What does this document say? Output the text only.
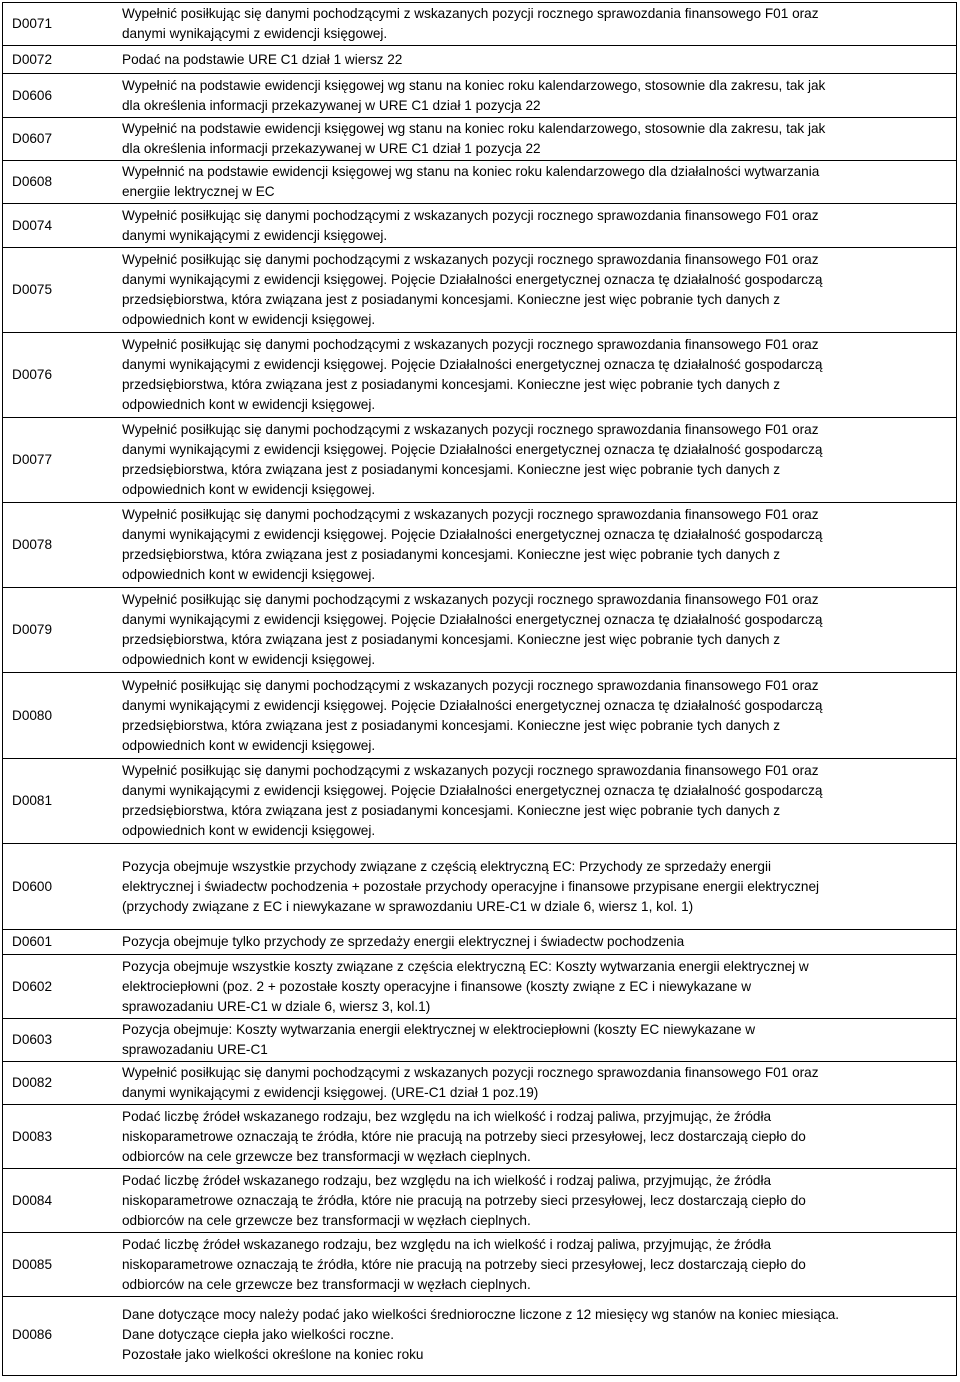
D0071
Wypełnić posiłkując się danymi pochodzącymi z wskazanych pozycji rocznego sprawozdania finansowego F01 oraz
danymi wynikającymi z ewidencji księgowej.
D0072	Podać na podstawie URE C1 dział 1 wiersz 22
D0606
Wypełnić na podstawie ewidencji księgowej wg stanu na koniec roku kalendarzowego, stosownie dla zakresu, tak jak
dla określenia informacji przekazywanej w URE C1 dział 1 pozycja 22
D0607
Wypełnić na podstawie ewidencji księgowej wg stanu na koniec roku kalendarzowego, stosownie dla zakresu, tak jak
dla określenia informacji przekazywanej w URE C1 dział 1 pozycja 22
D0608
Wypełnnić na podstawie ewidencji księgowej wg stanu na koniec roku kalendarzowego dla działalności wytwarzania
energiie lektrycznej w EC
D0074
Wypełnić posiłkując się danymi pochodzącymi z wskazanych pozycji rocznego sprawozdania finansowego F01 oraz
danymi wynikającymi z ewidencji księgowej.
D0075
Wypełnić posiłkując się danymi pochodzącymi z wskazanych pozycji rocznego sprawozdania finansowego F01 oraz
danymi wynikającymi z ewidencji księgowej. Pojęcie Działalności energetycznej oznacza tę działalność gospodarczą
przedsiębiorstwa, która związana jest z posiadanymi koncesjami. Konieczne jest więc pobranie tych danych z
odpowiednich kont w ewidencji księgowej.
D0076
Wypełnić posiłkując się danymi pochodzącymi z wskazanych pozycji rocznego sprawozdania finansowego F01 oraz
danymi wynikającymi z ewidencji księgowej. Pojęcie Działalności energetycznej oznacza tę działalność gospodarczą
przedsiębiorstwa, która związana jest z posiadanymi koncesjami. Konieczne jest więc pobranie tych danych z
odpowiednich kont w ewidencji księgowej.
D0077
Wypełnić posiłkując się danymi pochodzącymi z wskazanych pozycji rocznego sprawozdania finansowego F01 oraz
danymi wynikającymi z ewidencji księgowej. Pojęcie Działalności energetycznej oznacza tę działalność gospodarczą
przedsiębiorstwa, która związana jest z posiadanymi koncesjami. Konieczne jest więc pobranie tych danych z
odpowiednich kont w ewidencji księgowej.
D0078
Wypełnić posiłkując się danymi pochodzącymi z wskazanych pozycji rocznego sprawozdania finansowego F01 oraz
danymi wynikającymi z ewidencji księgowej. Pojęcie Działalności energetycznej oznacza tę działalność gospodarczą
przedsiębiorstwa, która związana jest z posiadanymi koncesjami. Konieczne jest więc pobranie tych danych z
odpowiednich kont w ewidencji księgowej.
D0079
Wypełnić posiłkując się danymi pochodzącymi z wskazanych pozycji rocznego sprawozdania finansowego F01 oraz
danymi wynikającymi z ewidencji księgowej. Pojęcie Działalności energetycznej oznacza tę działalność gospodarczą
przedsiębiorstwa, która związana jest z posiadanymi koncesjami. Konieczne jest więc pobranie tych danych z
odpowiednich kont w ewidencji księgowej.
D0080
Wypełnić posiłkując się danymi pochodzącymi z wskazanych pozycji rocznego sprawozdania finansowego F01 oraz
danymi wynikającymi z ewidencji księgowej. Pojęcie Działalności energetycznej oznacza tę działalność gospodarczą
przedsiębiorstwa, która związana jest z posiadanymi koncesjami. Konieczne jest więc pobranie tych danych z
odpowiednich kont w ewidencji księgowej.
D0081
Wypełnić posiłkując się danymi pochodzącymi z wskazanych pozycji rocznego sprawozdania finansowego F01 oraz
danymi wynikającymi z ewidencji księgowej. Pojęcie Działalności energetycznej oznacza tę działalność gospodarczą
przedsiębiorstwa, która związana jest z posiadanymi koncesjami. Konieczne jest więc pobranie tych danych z
odpowiednich kont w ewidencji księgowej.
D0600
Pozycja obejmuje wszystkie przychody związane z częścią elektryczną EC: Przychody ze sprzedaży energii
elektrycznej i świadectw pochodzenia + pozostałe przychody operacyjne i finansowe przypisane energii elektrycznej
(przychody związane z EC i niewykazane w sprawozdaniu URE-C1 w dziale 6, wiersz 1, kol. 1)
D0601	Pozycja obejmuje tylko przychody ze sprzedaży energii elektrycznej i świadectw pochodzenia
D0602
Pozycja obejmuje wszystkie koszty związane z częścia elektryczną EC: Koszty wytwarzania energii elektrycznej w
elektrociepłowni (poz. 2 + pozostałe koszty operacyjne i finansowe (koszty zwiąne z EC i niewykazane w
sprawozadaniu URE-C1 w dziale 6, wiersz 3, kol.1)
D0603
Pozycja obejmuje: Koszty wytwarzania energii elektrycznej w elektrociepłowni (koszty EC niewykazane w
sprawozadaniu URE-C1
D0082
Wypełnić posiłkując się danymi pochodzącymi z wskazanych pozycji rocznego sprawozdania finansowego F01 oraz
danymi wynikającymi z ewidencji księgowej. (URE-C1 dział 1 poz.19)
D0083
Podać liczbę źródeł wskazanego rodzaju, bez względu na ich wielkość i rodzaj paliwa, przyjmując, że źródła
niskoparametrowe oznaczają te źródła, które nie pracują na potrzeby sieci przesyłowej, lecz dostarczają ciepło do
odbiorców na cele grzewcze bez transformacji w węzłach cieplnych.
D0084
Podać liczbę źródeł wskazanego rodzaju, bez względu na ich wielkość i rodzaj paliwa, przyjmując, że źródła
niskoparametrowe oznaczają te źródła, które nie pracują na potrzeby sieci przesyłowej, lecz dostarczają ciepło do
odbiorców na cele grzewcze bez transformacji w węzłach cieplnych.
D0085
Podać liczbę źródeł wskazanego rodzaju, bez względu na ich wielkość i rodzaj paliwa, przyjmując, że źródła
niskoparametrowe oznaczają te źródła, które nie pracują na potrzeby sieci przesyłowej, lecz dostarczają ciepło do
odbiorców na cele grzewcze bez transformacji w węzłach cieplnych.
D0086
Dane dotyczące mocy należy podać jako wielkości średnioroczne liczone z 12 miesięcy wg stanów na koniec miesiąca.
Dane dotyczące ciepła jako wielkości roczne.
Pozostałe jako wielkości określone na koniec roku
